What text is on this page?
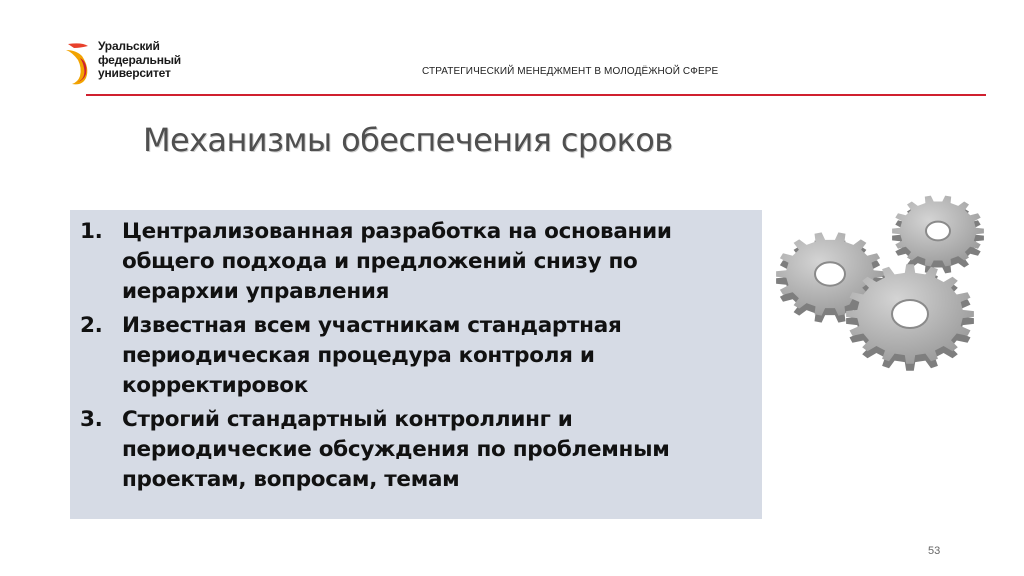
Уральский
федеральный
университет	СТРАТЕГИЧЕСКИЙ МЕНЕДЖМЕНТ В МОЛОДЁЖНОЙ СФЕРЕ
Механизмы обеспечения сроков
1. Централизованная разработка на основании общего подхода и предложений снизу по иерархии управления
2. Известная всем участникам стандартная периодическая процедура контроля и корректировок
3. Строгий стандартный контроллинг и периодические обсуждения по проблемным проектам, вопросам, темам
53
